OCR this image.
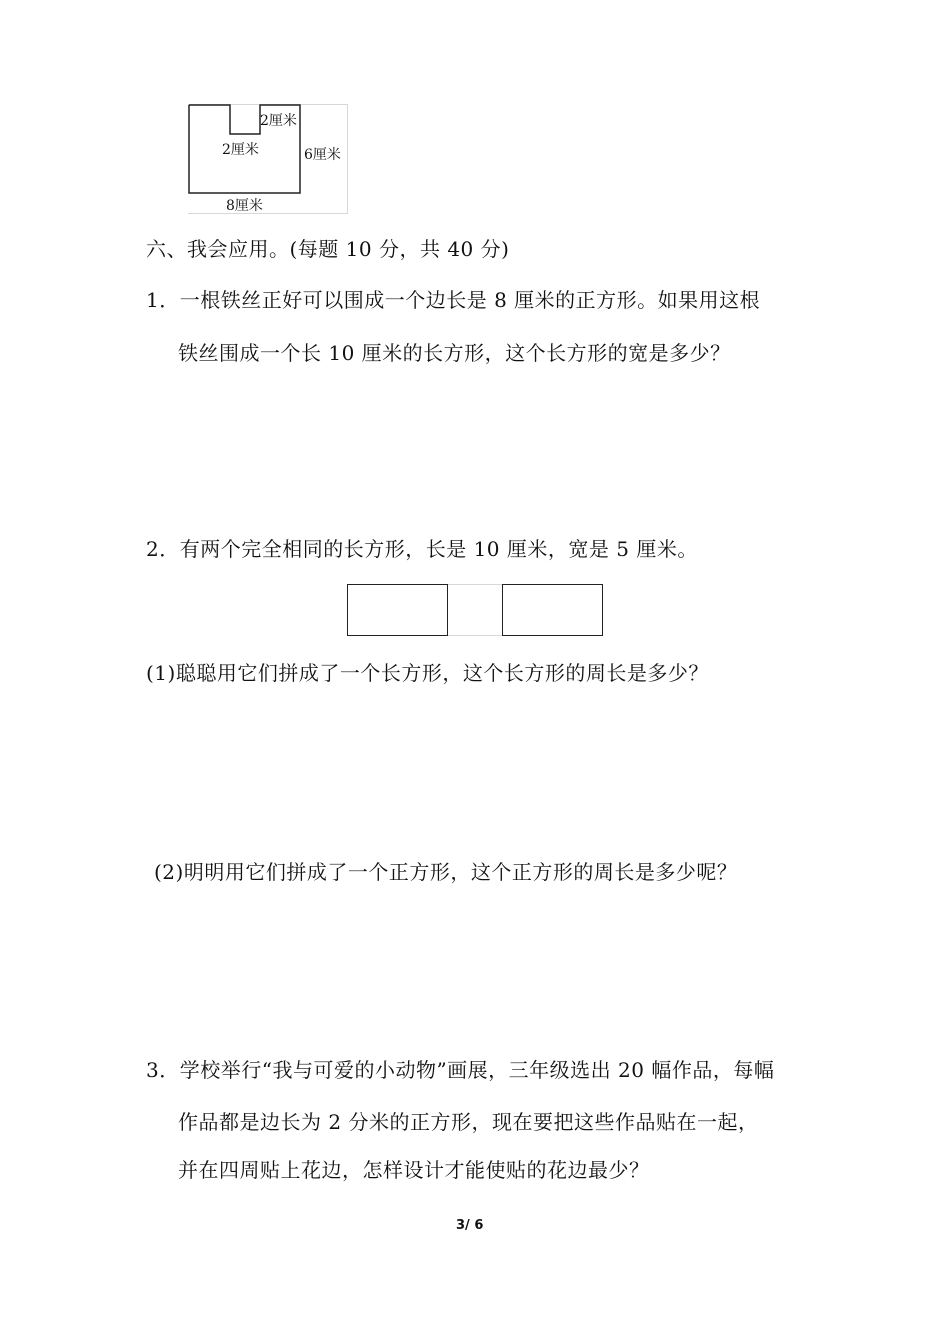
2厘米
2厘米	6厘米
8厘米
六、我会应用。(每题 10 分，共 40 分)
1．一根铁丝正好可以围成一个边长是 8 厘米的正方形。如果用这根
铁丝围成一个长 10 厘米的长方形，这个长方形的宽是多少？
2．有两个完全相同的长方形，长是 10 厘米，宽是 5 厘米。
(1)聪聪用它们拼成了一个长方形，这个长方形的周长是多少？
(2)明明用它们拼成了一个正方形，这个正方形的周长是多少呢？
3．学校举行“我与可爱的小动物”画展，三年级选出 20 幅作品，每幅
作品都是边长为 2 分米的正方形，现在要把这些作品贴在一起，
并在四周贴上花边，怎样设计才能使贴的花边最少？
3/ 6
